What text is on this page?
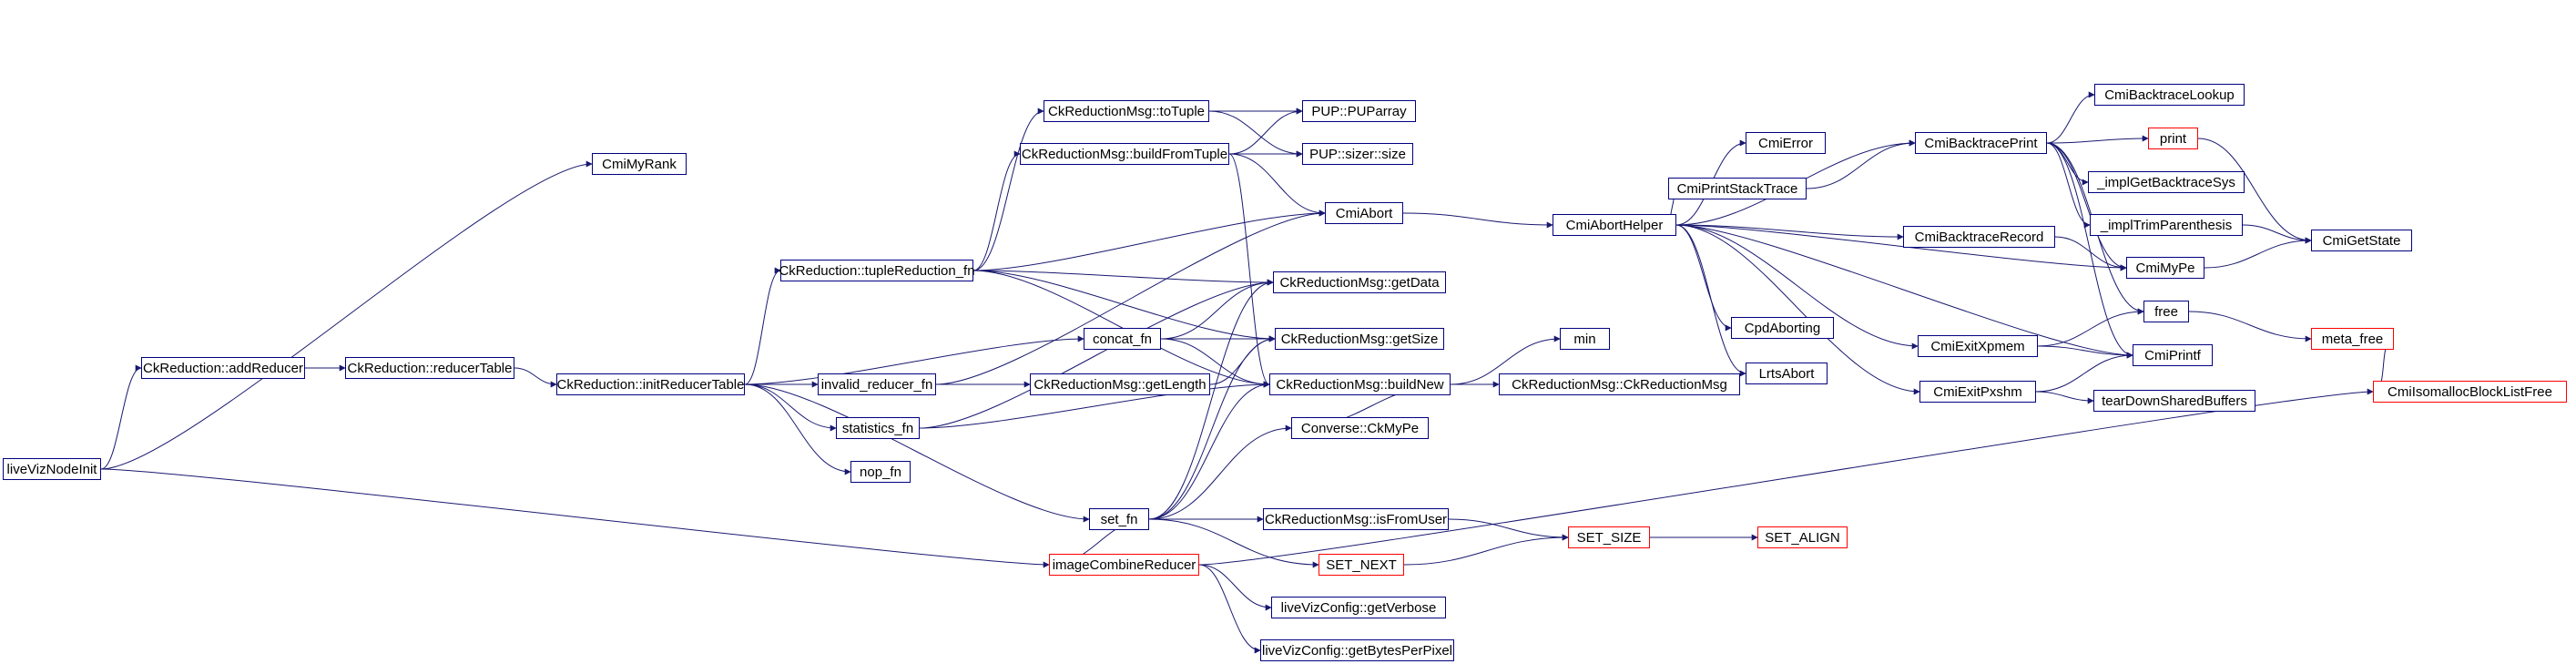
liveVizNodeInit
CkReduction::addReducer	CkReduction::reducerTable
CkReduction::initReducerTable
CmiMyRank
CkReduction::tupleReduction_fn
invalid_reducer_fn
statistics_fn
nop_fn
set_fn
imageCombineReducer
concat_fn
CkReductionMsg::getLength
CkReductionMsg::toTuple
CkReductionMsg::buildFromTuple
PUP::PUParray
PUP::sizer::size
CmiAbort
CkReductionMsg::getData
CkReductionMsg::getSize
CkReductionMsg::buildNew
Converse::CkMyPe
CkReductionMsg::isFromUser
SET_NEXT
liveVizConfig::getVerbose
liveVizConfig::getBytesPerPixel
min
CkReductionMsg::CkReductionMsg
SET_SIZE	SET_ALIGN
CmiAbortHelper
CmiError
CmiPrintStackTrace
CpdAborting
LrtsAbort
CmiExitXpmem
CmiExitPxshm
CmiBacktracePrint
CmiBacktraceRecord
CmiBacktraceLookup
print
_implGetBacktraceSys
_implTrimParenthesis
CmiMyPe
free
CmiPrintf
tearDownSharedBuffers
CmiGetState
meta_free
CmiIsomallocBlockListFree
